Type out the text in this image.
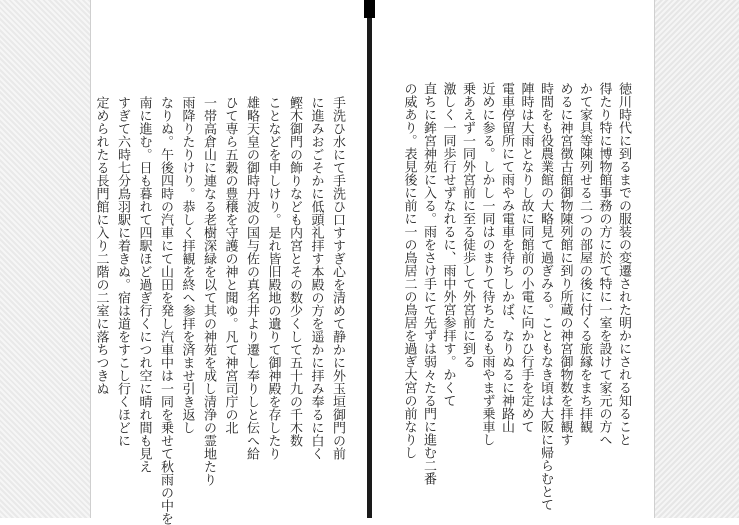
徳川時代に到るまでの服装の変遷された明かにされる知ること

得たり特に博物館事務の方に於て特に一室を設けて家元の方へ

かて家具等陳列せる二つの部屋の後に付くる旅縁をまち拝観

めるに神宮徴古館御物陳列館に到り所蔵の神宮御物数を拝観す

時間をも役農業館の大略見て過ぎみる。こともなき頃は大阪に帰らむとて

陣時は大雨となりし故に同館前の小電に向かひ行手を定めて

電車停留所にて雨やみ電車を待ちしかば、なりぬるに神路山

近めに参る。しかし一同はのまりて待ちたるも雨やまず乗車し

乗あえず一同外宮前に至る徒歩して外宮前に到る

激しく一同歩行せずなれるに、雨中外宮参拝す。かくて

直ちに鉾宮神苑に入る。雨をさけ手にて先ずは弱々たる門に進む二番

の威あり。表見後に前に一の鳥居二の鳥居を過ぎ大宮の前なりし

手洗ひ水にて手洗ひ口すすぎ心を清めて静かに外玉垣御門の前

に進みおごそかに低頭礼拝す本殿の方を遥かに拝み奉るに白く

鰹木御門の飾りなども内宮とその数少くして五十九の千木数

ことなどを申しけり。是れ皆旧殿地の遺りて御神殿を存したり

雄略天皇の御時丹波の国与佐の真名井より遷し奉りしと伝へ給

ひて専ら五穀の豊穣を守護の神と聞ゆ。凡て神宮司庁の北

一帯高倉山に連なる老樹深緑を以て其の神苑を成し清浄の霊地たり

雨降りたりけり。恭しく拝観を終へ参拝を済ませ引き返し

なりぬ。午後四時の汽車にて山田を発し汽車中は一同を乗せて秋雨の中を

南に進む。日も暮れて四駅ほど過ぎ行くにつれ空に晴れ間も見え

すぎて六時七分鳥羽駅に着きぬ。宿は道をすこし行くほどに

定められたる長門館に入り二階の二室に落ちつきぬ
